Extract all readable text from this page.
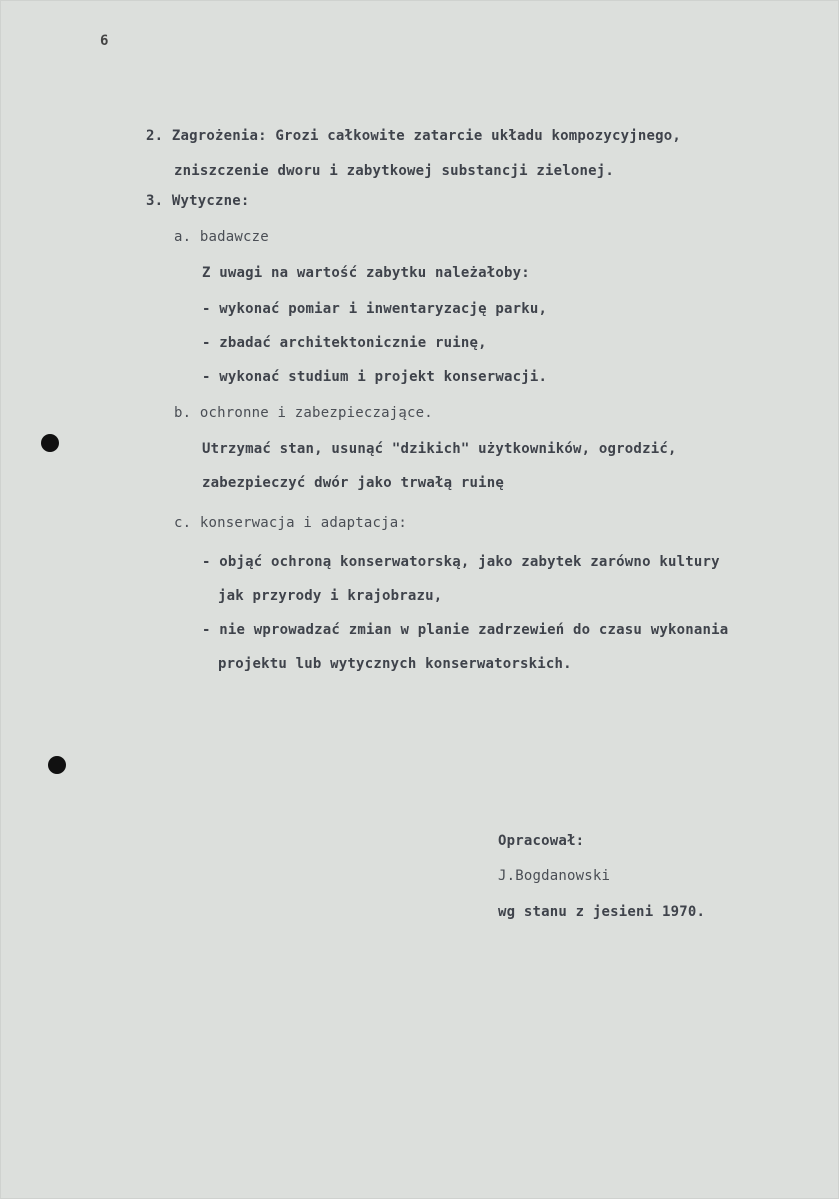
6
2. Zagrożenia: Grozi całkowite zatarcie układu kompozycyjnego,
zniszczenie dworu i zabytkowej substancji zielonej.
3. Wytyczne:
a. badawcze
Z uwagi na wartość zabytku należałoby:
- wykonać pomiar i inwentaryzację parku,
- zbadać architektonicznie ruinę,
- wykonać studium i projekt konserwacji.
b. ochronne i zabezpieczające.
Utrzymać stan, usunąć "dzikich" użytkowników, ogrodzić,
zabezpieczyć dwór jako trwałą ruinę
c. konserwacja i adaptacja:
- objąć ochroną konserwatorską, jako zabytek zarówno kultury
jak przyrody i krajobrazu,
- nie wprowadzać zmian w planie zadrzewień do czasu wykonania
projektu lub wytycznych konserwatorskich.
Opracował:
J.Bogdanowski
wg stanu z jesieni 1970.
